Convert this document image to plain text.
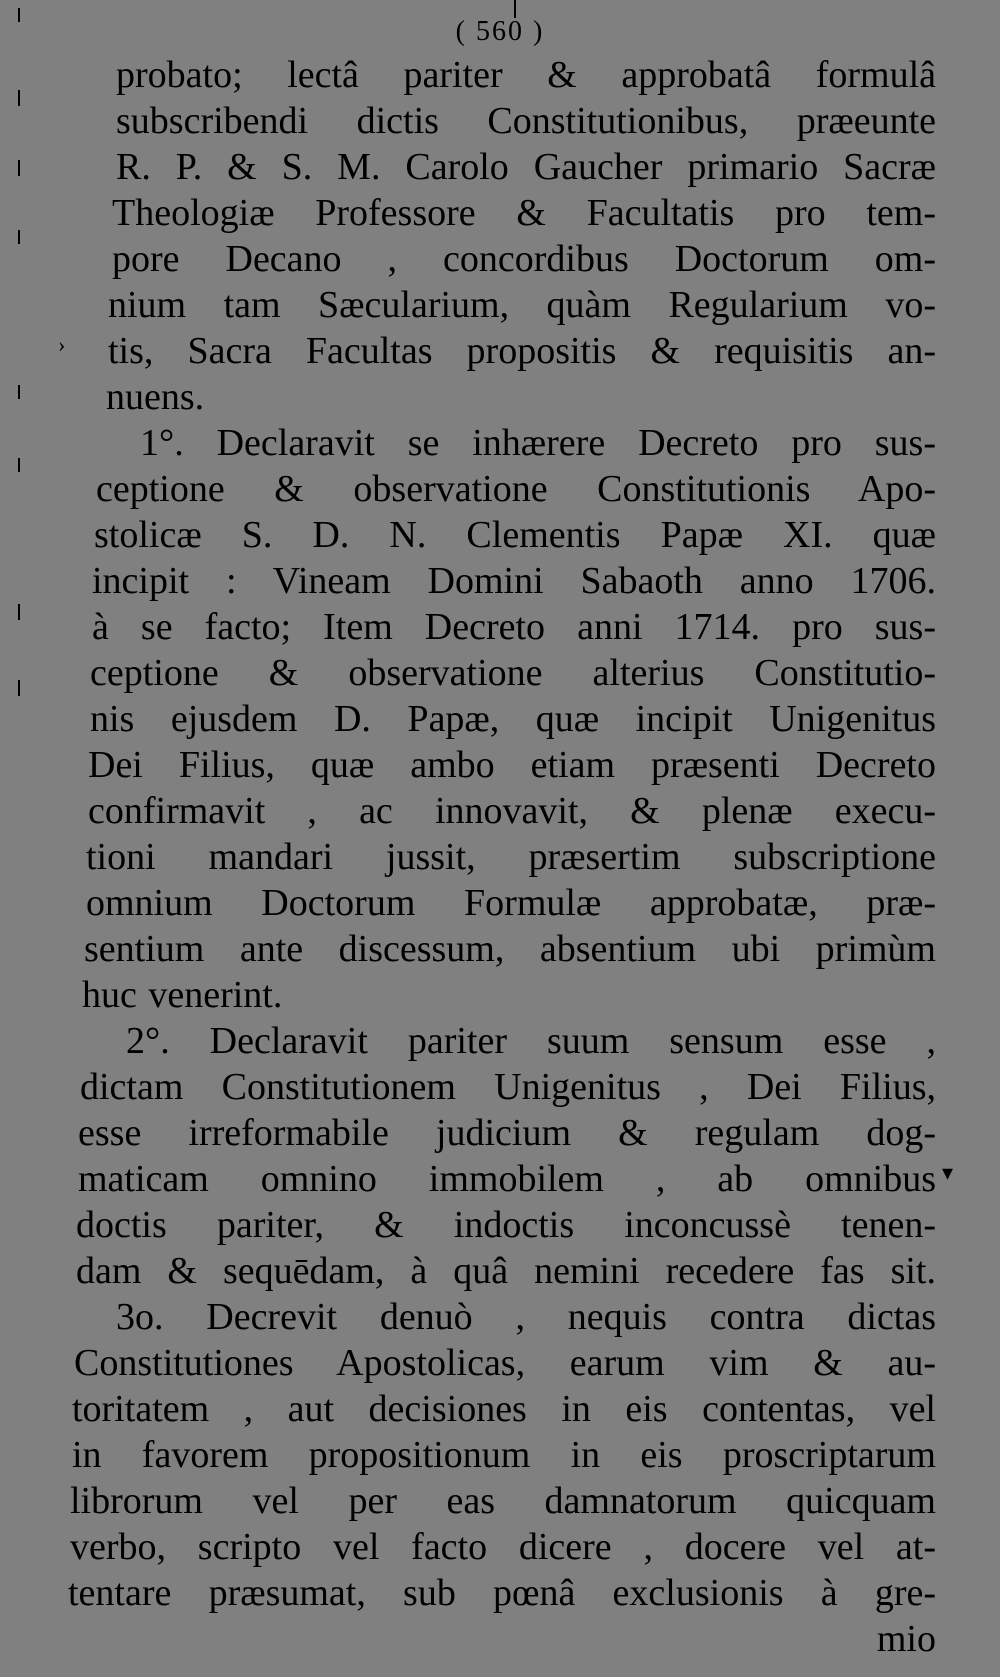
›
▾
( 560 )
probato; lectâ pariter & approbatâ formulâ
subscribendi dictis Constitutionibus, præeunte
R. P. & S. M. Carolo Gaucher primario Sacræ
Theologiæ Professore & Facultatis pro tem-
pore Decano , concordibus Doctorum om-
nium tam Sæcularium, quàm Regularium vo-
tis, Sacra Facultas propositis & requisitis an-
nuens.
1°. Declaravit se inhærere Decreto pro sus-
ceptione & observatione Constitutionis Apo-
stolicæ S. D. N. Clementis Papæ XI. quæ
incipit : Vineam Domini Sabaoth anno 1706.
à se facto; Item Decreto anni 1714. pro sus-
ceptione & observatione alterius Constitutio-
nis ejusdem D. Papæ, quæ incipit Unigenitus
Dei Filius, quæ ambo etiam præsenti Decreto
confirmavit , ac innovavit, & plenæ execu-
tioni mandari jussit, præsertim subscriptione
omnium Doctorum Formulæ approbatæ, præ-
sentium ante discessum, absentium ubi primùm
huc venerint.
2°. Declaravit pariter suum sensum esse ,
dictam Constitutionem Unigenitus , Dei Filius,
esse irreformabile judicium & regulam dog-
maticam omnino immobilem , ab omnibus
doctis pariter, & indoctis inconcussè tenen-
dam & sequēdam, à quâ nemini recedere fas sit.
3o. Decrevit denuò , nequis contra dictas
Constitutiones Apostolicas, earum vim & au-
toritatem , aut decisiones in eis contentas, vel
in favorem propositionum in eis proscriptarum
librorum vel per eas damnatorum quicquam
verbo, scripto vel facto dicere , docere vel at-
tentare præsumat, sub pœnâ exclusionis à gre-
mio
